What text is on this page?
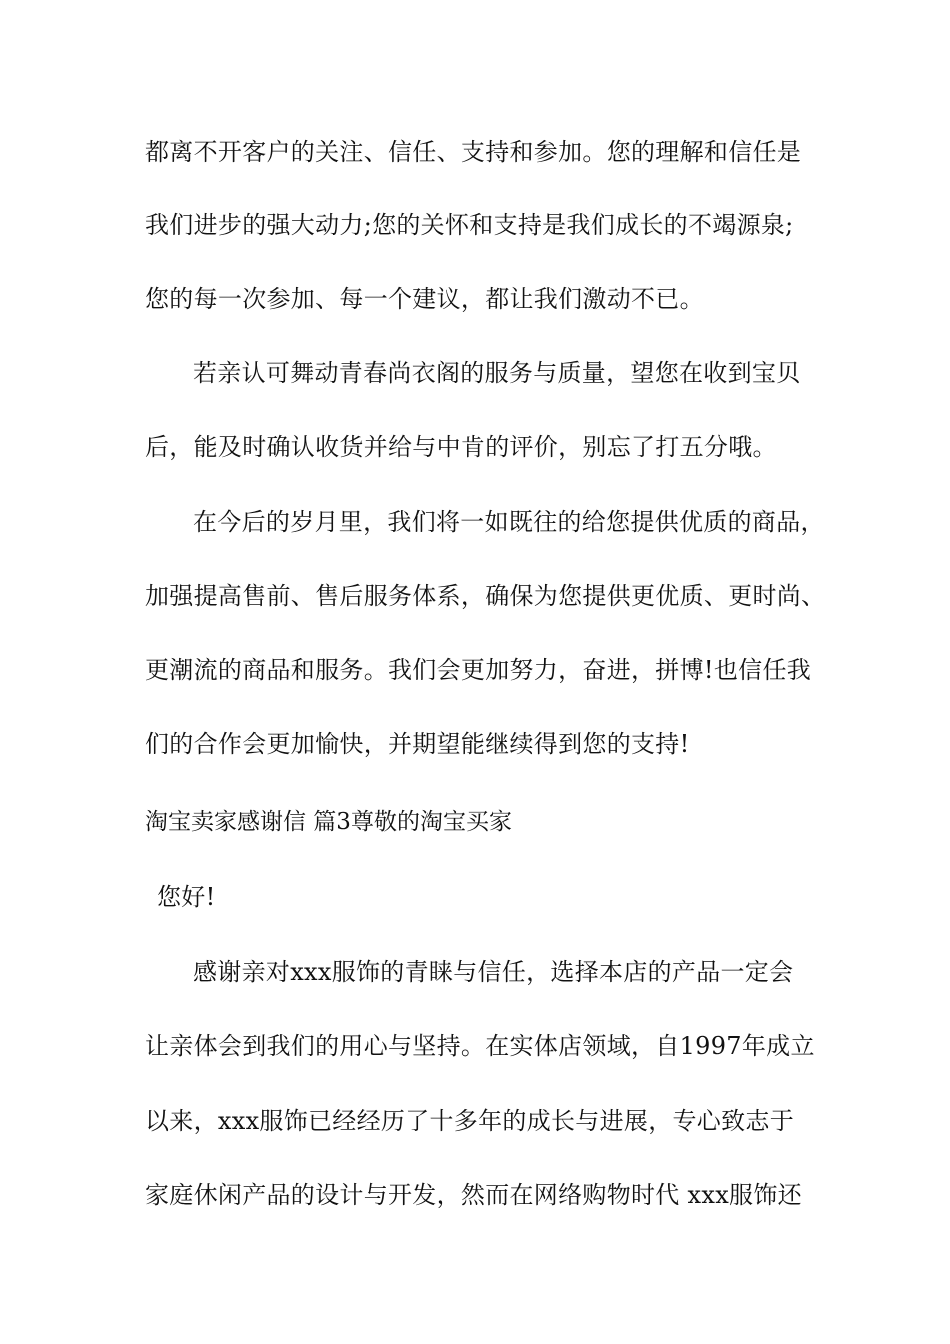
都离不开客户的关注、信任、支持和参加。您的理解和信任是
我们进步的强大动力;您的关怀和支持是我们成长的不竭源泉;
您的每一次参加、每一个建议，都让我们激动不已。
若亲认可舞动青春尚衣阁的服务与质量，望您在收到宝贝
后，能及时确认收货并给与中肯的评价，别忘了打五分哦。
在今后的岁月里，我们将一如既往的给您提供优质的商品，
加强提高售前、售后服务体系，确保为您提供更优质、更时尚、
更潮流的商品和服务。我们会更加努力，奋进，拼博!也信任我
们的合作会更加愉快，并期望能继续得到您的支持!
淘宝卖家感谢信 篇3尊敬的淘宝买家
您好!
感谢亲对xxx服饰的青睐与信任，选择本店的产品一定会
让亲体会到我们的用心与坚持。在实体店领域，自1997年成立
以来，xxx服饰已经经历了十多年的成长与进展，专心致志于
家庭休闲产品的设计与开发，然而在网络购物时代 xxx服饰还
